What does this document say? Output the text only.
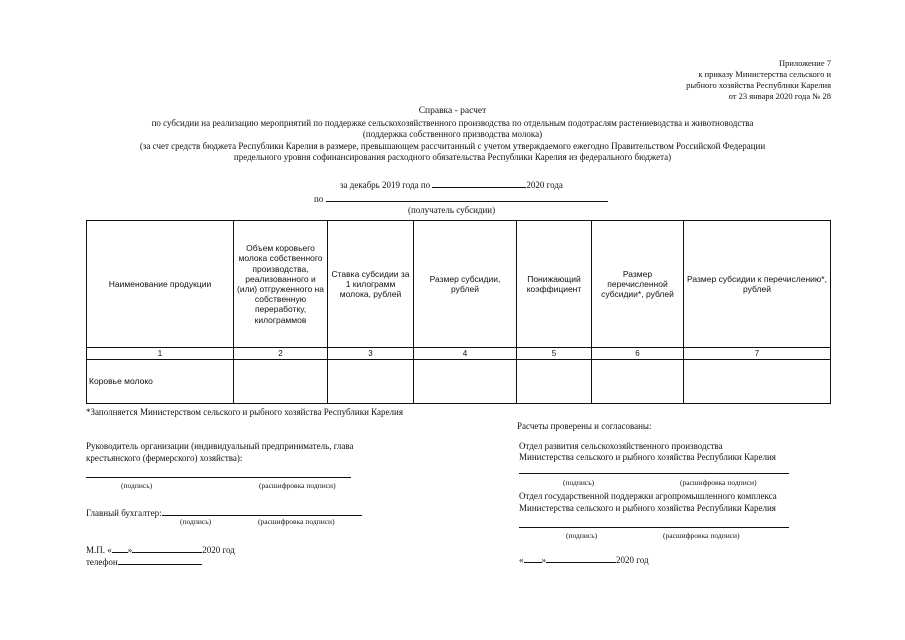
Приложение 7
к приказу Министерства сельского и
рыбного хозяйства Республики Карелия
от 23 января 2020 года № 28
Справка - расчет
по субсидии на реализацию мероприятий по поддержке сельскохозяйственного производства по отдельным подотраслям растениеводства и животноводства
(поддержка собственного призводства молока)
(за счет средств бюджета Республики Карелия в размере, превышающем рассчитанный с учетом утверждаемого ежегодно Правительством Российской Федерации
предельного уровня софинансирования расходного обязательства Республики Карелия из федерального бюджета)
за декабрь 2019 года по	2020 года
по
(получатель субсидии)
Наименование продукции	Объем коровьего молока собственного производства, реализованного и (или) отгруженного на собственную переработку, килограммов	Ставка субсидии за 1 килограмм молока, рублей	Размер субсидии, рублей	Понижающий коэффициент	Размер перечисленной субсидии*, рублей	Размер субсидии к перечислению*, рублей
1	2	3	4	5	6	7
Коровье молоко						
*Заполняется Министерством сельского и рыбного хозяйства Республики Карелия
Руководитель организации (индивидуальный предприниматель, глава
крестьянского (фермерского) хозяйства):
(подпись)	(расшифровка подписи)
Главный бухгалтер:
(подпись)	(расшифровка подписи)
М.П. « »	2020 год
телефон
Расчеты проверены и согласованы:
Отдел развития сельскохозяйственного производства
Министерства сельского и рыбного хозяйства Республики Карелия
(подпись)	(расшифровка подписи)
Отдел государственной поддержки агропромышленного комплекса
Министерства сельского и рыбного хозяйства Республики Карелия
(подпись)	(расшифровка подписи)
« »	2020 год
